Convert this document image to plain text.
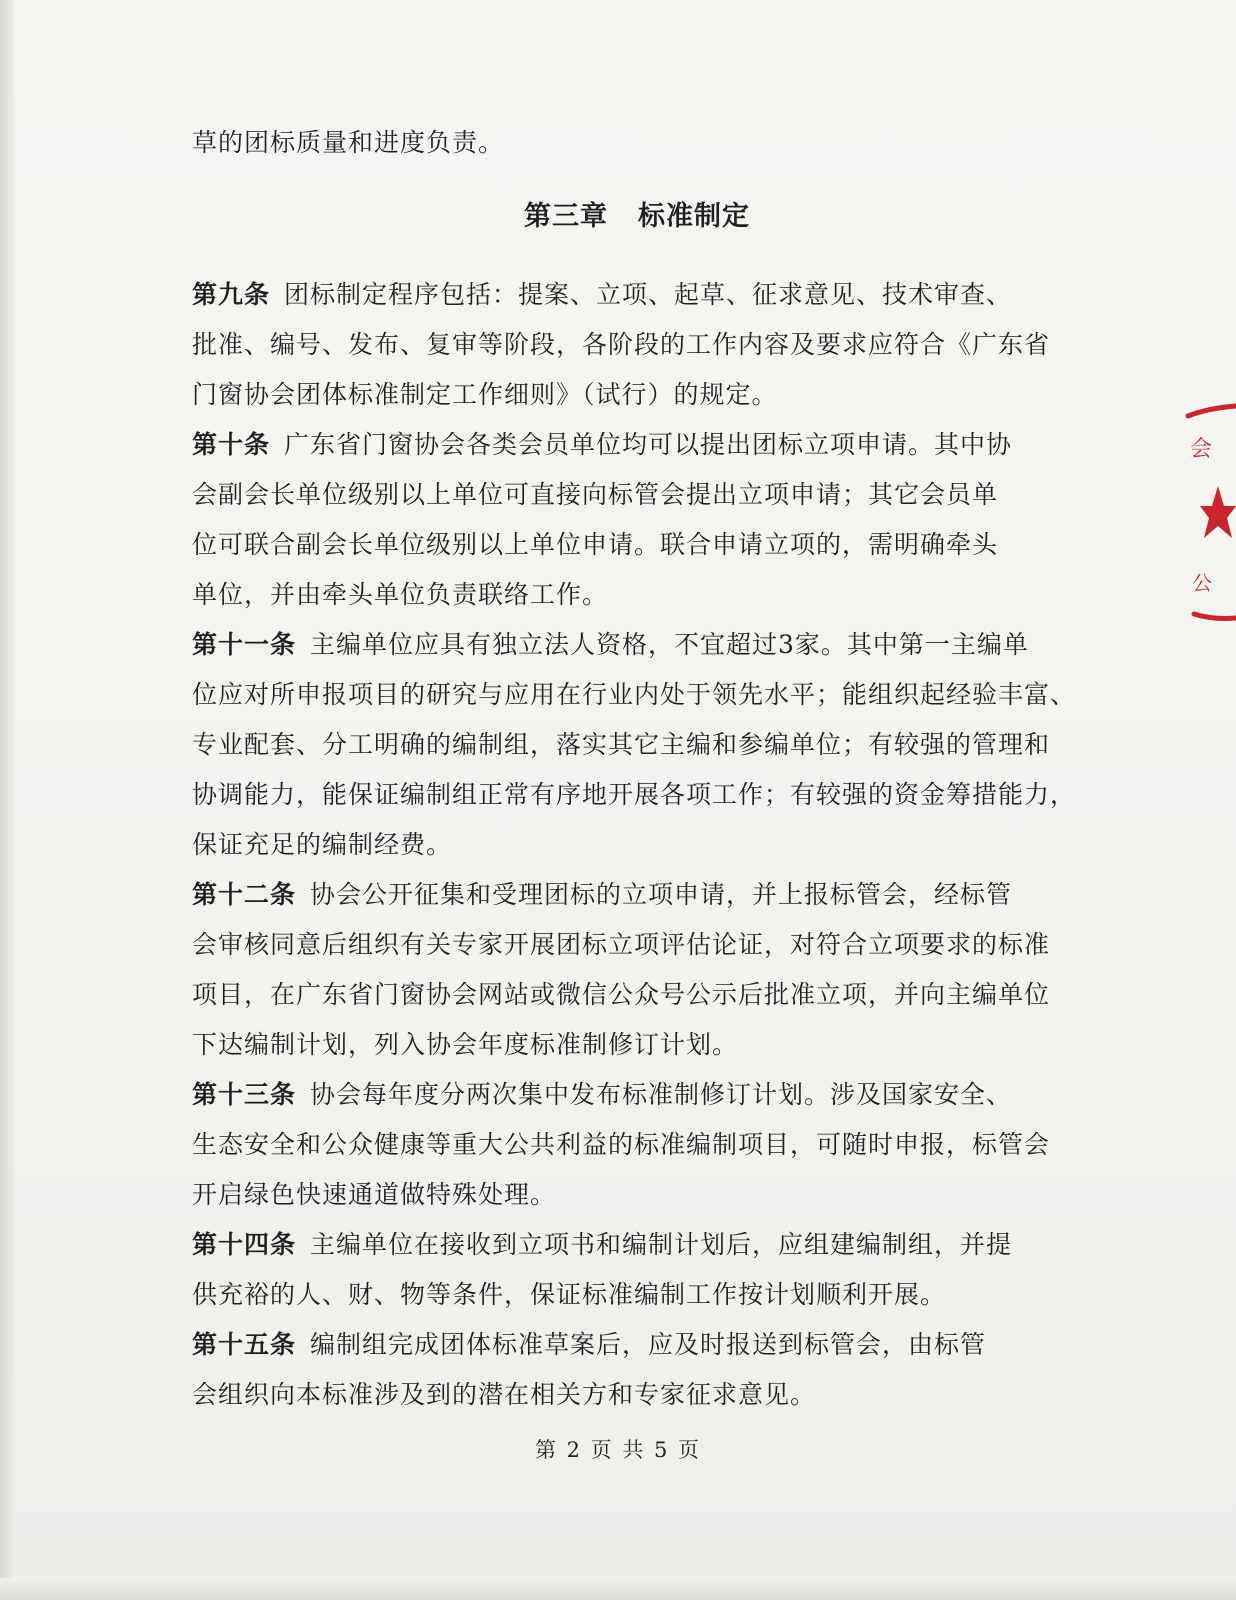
草的团标质量和进度负责。
第三章 标准制定
第九条 团标制定程序包括：提案、立项、起草、征求意见、技术审查、
批准、编号、发布、复审等阶段，各阶段的工作内容及要求应符合《广东省
门窗协会团体标准制定工作细则》（试行）的规定。
第十条 广东省门窗协会各类会员单位均可以提出团标立项申请。其中协
会副会长单位级别以上单位可直接向标管会提出立项申请；其它会员单
位可联合副会长单位级别以上单位申请。联合申请立项的，需明确牵头
单位，并由牵头单位负责联络工作。
第十一条 主编单位应具有独立法人资格，不宜超过3家。其中第一主编单
位应对所申报项目的研究与应用在行业内处于领先水平；能组织起经验丰富、
专业配套、分工明确的编制组，落实其它主编和参编单位；有较强的管理和
协调能力，能保证编制组正常有序地开展各项工作；有较强的资金筹措能力，
保证充足的编制经费。
第十二条 协会公开征集和受理团标的立项申请，并上报标管会，经标管
会审核同意后组织有关专家开展团标立项评估论证，对符合立项要求的标准
项目，在广东省门窗协会网站或微信公众号公示后批准立项，并向主编单位
下达编制计划，列入协会年度标准制修订计划。
第十三条 协会每年度分两次集中发布标准制修订计划。涉及国家安全、
生态安全和公众健康等重大公共利益的标准编制项目，可随时申报，标管会
开启绿色快速通道做特殊处理。
第十四条 主编单位在接收到立项书和编制计划后，应组建编制组，并提
供充裕的人、财、物等条件，保证标准编制工作按计划顺利开展。
第十五条 编制组完成团体标准草案后，应及时报送到标管会，由标管
会组织向本标准涉及到的潜在相关方和专家征求意见。
会
公
第 2 页 共 5 页
